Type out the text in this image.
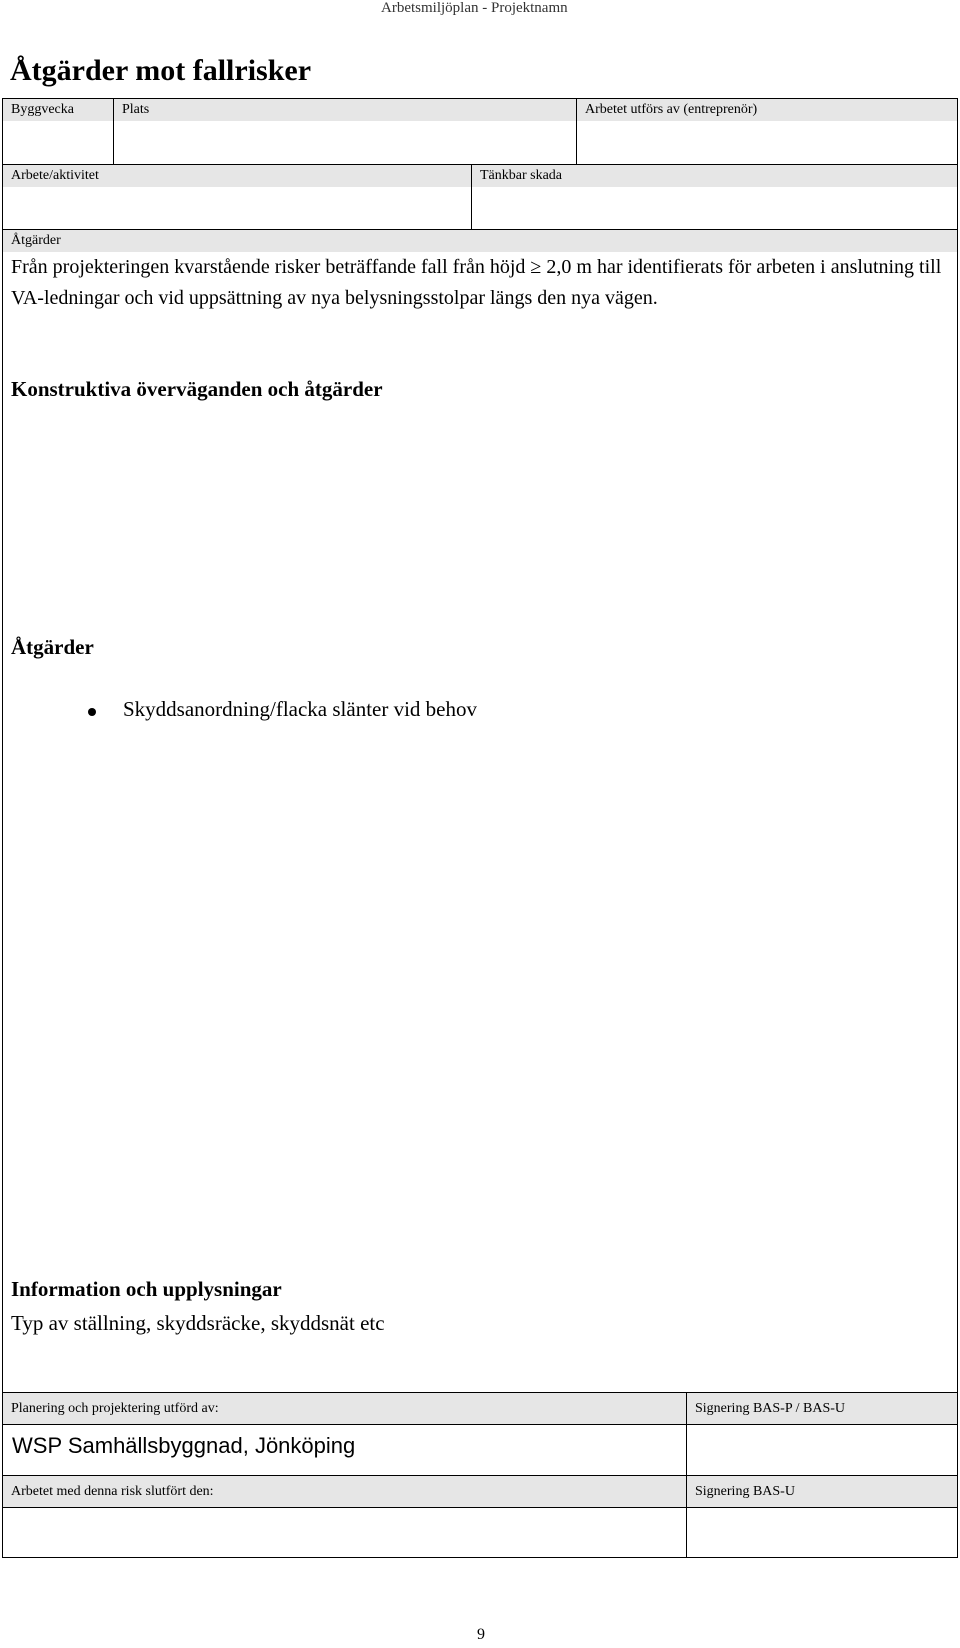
Arbetsmiljöplan - Projektnamn
Åtgärder mot fallrisker
Byggvecka	Plats	Arbetet utförs av (entreprenör)
Arbete/aktivitet	Tänkbar skada
Åtgärder
Från projekteringen kvarstående risker beträffande fall från höjd ≥ 2,0 m har identifierats för arbeten i anslutning till VA-ledningar och vid uppsättning av nya belysningsstolpar längs den nya vägen.
Konstruktiva överväganden och åtgärder
Åtgärder
Skyddsanordning/flacka slänter vid behov
Information och upplysningar
Typ av ställning, skyddsräcke, skyddsnät etc
Planering och projektering utförd av:	Signering BAS-P / BAS-U
WSP Samhällsbyggnad, Jönköping
Arbetet med denna risk slutfört den:	Signering BAS-U
9
